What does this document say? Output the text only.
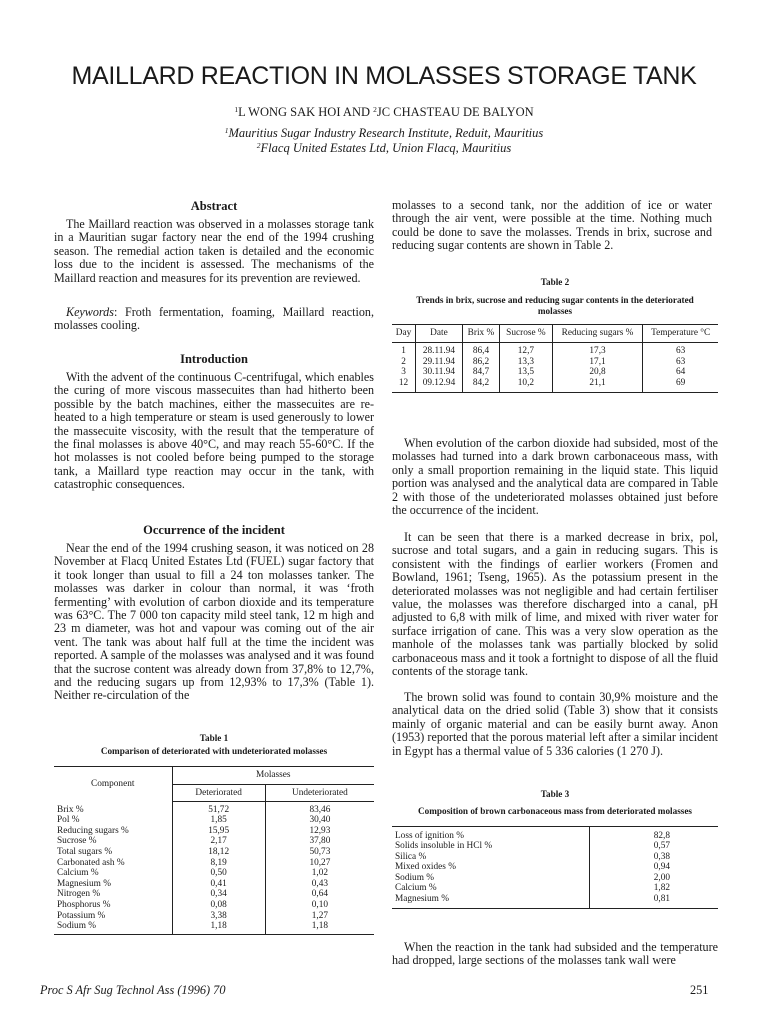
MAILLARD REACTION IN MOLASSES STORAGE TANK
$^1$L WONG SAK HOI AND $^2$JC CHASTEAU DE BALYON
$^1$Mauritius Sugar Industry Research Institute, Reduit, Mauritius
$^2$Flacq United Estates Ltd, Union Flacq, Mauritius
Abstract
The Maillard reaction was observed in a molasses storage tank in a Mauritian sugar factory near the end of the 1994 crushing season. The remedial action taken is detailed and the economic loss due to the incident is assessed. The mechanisms of the Maillard reaction and measures for its prevention are reviewed.
Keywords: Froth fermentation, foaming, Maillard reaction, molasses cooling.
Introduction
With the advent of the continuous C-centrifugal, which enables the curing of more viscous massecuites than had hitherto been possible by the batch machines, either the massecuites are re-heated to a high temperature or steam is used generously to lower the massecuite viscosity, with the result that the temperature of the final molasses is above 40°C, and may reach 55-60°C. If the hot molasses is not cooled before being pumped to the storage tank, a Maillard type reaction may occur in the tank, with catastrophic consequences.
Occurrence of the incident
Near the end of the 1994 crushing season, it was noticed on 28 November at Flacq United Estates Ltd (FUEL) sugar factory that it took longer than usual to fill a 24 ton molasses tanker. The molasses was darker in colour than normal, it was ‘froth fermenting’ with evolution of carbon dioxide and its temperature was 63°C. The 7 000 ton capacity mild steel tank, 12 m high and 23 m diameter, was hot and vapour was coming out of the air vent. The tank was about half full at the time the incident was reported. A sample of the molasses was analysed and it was found that the sucrose content was already down from 37,8% to 12,7%, and the reducing sugars up from 12,93% to 17,3% (Table 1). Neither re-circulation of the
Table 1
Comparison of deteriorated with undeteriorated molasses
Component	Molasses	
	Deteriorated	Undeteriorated

Brix %	51,72	83,46
Pol %	1,85	30,40
Reducing sugars %	15,95	12,93
Sucrose %	2,17	37,80
Total sugars %	18,12	50,73
Carbonated ash %	8,19	10,27
Calcium %	0,50	1,02
Magnesium %	0,41	0,43
Nitrogen %	0,34	0,64
Phosphorus %	0,08	0,10
Potassium %	3,38	1,27
Sodium %	1,18	1,18

molasses to a second tank, nor the addition of ice or water through the air vent, were possible at the time. Nothing much could be done to save the molasses. Trends in brix, sucrose and reducing sugar contents are shown in Table 2.
Table 2
Trends in brix, sucrose and reducing sugar contents in the deteriorated molasses
Day	Date	Brix %	Sucrose %	Reducing sugars %	Temperature °C

1	28.11.94	86,4	12,7	17,3	63
2	29.11.94	86,2	13,3	17,1	63
3	30.11.94	84,7	13,5	20,8	64
12	09.12.94	84,2	10,2	21,1	69

When evolution of the carbon dioxide had subsided, most of the molasses had turned into a dark brown carbonaceous mass, with only a small proportion remaining in the liquid state. This liquid portion was analysed and the analytical data are compared in Table 2 with those of the undeteriorated molasses obtained just before the occurrence of the incident.
It can be seen that there is a marked decrease in brix, pol, sucrose and total sugars, and a gain in reducing sugars. This is consistent with the findings of earlier workers (Fromen and Bowland, 1961; Tseng, 1965). As the potassium present in the deteriorated molasses was not negligible and had certain fertiliser value, the molasses was therefore discharged into a canal, pH adjusted to 6,8 with milk of lime, and mixed with river water for surface irrigation of cane. This was a very slow operation as the manhole of the molasses tank was partially blocked by solid carbonaceous mass and it took a fortnight to dispose of all the fluid contents of the storage tank.
The brown solid was found to contain 30,9% moisture and the analytical data on the dried solid (Table 3) show that it consists mainly of organic material and can be easily burnt away. Anon (1953) reported that the porous material left after a similar incident in Egypt has a thermal value of 5 336 calories (1 270 J).
Table 3
Composition of brown carbonaceous mass from deteriorated molasses

Loss of ignition %	82,8
Solids insoluble in HCl %	0,57
Silica %	0,38
Mixed oxides %	0,94
Sodium %	2,00
Calcium %	1,82
Magnesium %	0,81

When the reaction in the tank had subsided and the temperature had dropped, large sections of the molasses tank wall were
Proc S Afr Sug Technol Ass (1996) 70	251
